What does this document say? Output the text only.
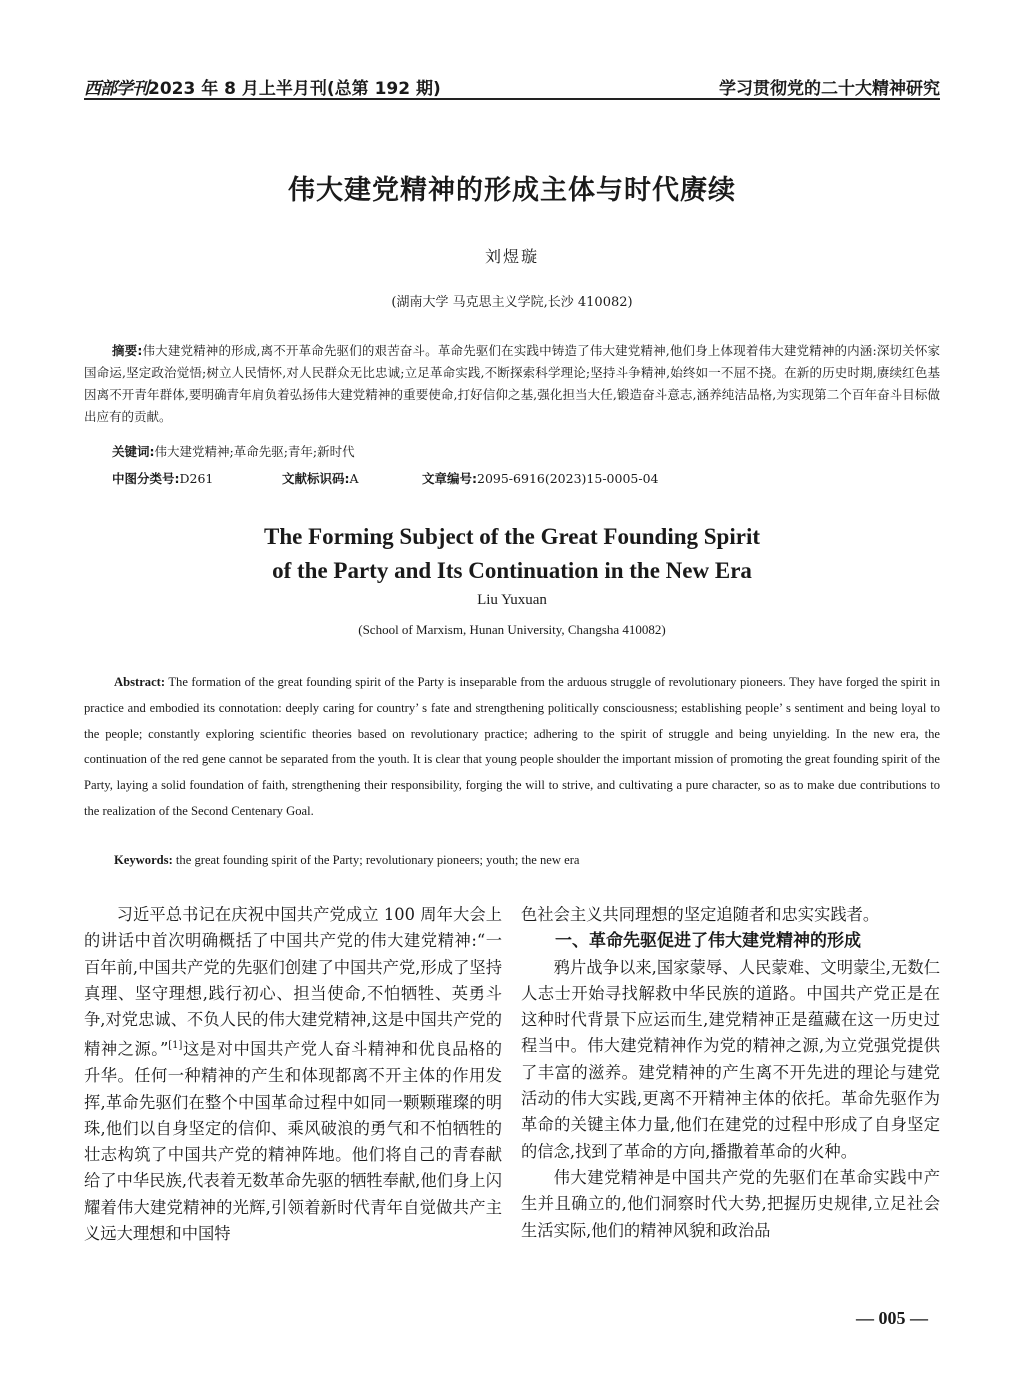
西部学刊2023 年 8 月上半月刊(总第 192 期)	学习贯彻党的二十大精神研究
伟大建党精神的形成主体与时代赓续
刘煜璇
(湖南大学 马克思主义学院,长沙 410082)
摘要:伟大建党精神的形成,离不开革命先驱们的艰苦奋斗。革命先驱们在实践中铸造了伟大建党精神,他们身上体现着伟大建党精神的内涵:深切关怀家国命运,坚定政治觉悟;树立人民情怀,对人民群众无比忠诚;立足革命实践,不断探索科学理论;坚持斗争精神,始终如一不屈不挠。在新的历史时期,赓续红色基因离不开青年群体,要明确青年肩负着弘扬伟大建党精神的重要使命,打好信仰之基,强化担当大任,锻造奋斗意志,涵养纯洁品格,为实现第二个百年奋斗目标做出应有的贡献。
关键词:伟大建党精神;革命先驱;青年;新时代
中图分类号:D261	文献标识码:A	文章编号:2095-6916(2023)15-0005-04
The Forming Subject of the Great Founding Spirit
of the Party and Its Continuation in the New Era
Liu Yuxuan
(School of Marxism, Hunan University, Changsha 410082)
Abstract: The formation of the great founding spirit of the Party is inseparable from the arduous struggle of revolutionary pioneers. They have forged the spirit in practice and embodied its connotation: deeply caring for country’ s fate and strengthening politically consciousness; establishing people’ s sentiment and being loyal to the people; constantly exploring scientific theories based on revolutionary practice; adhering to the spirit of struggle and being unyielding. In the new era, the continuation of the red gene cannot be separated from the youth. It is clear that young people shoulder the important mission of promoting the great founding spirit of the Party, laying a solid foundation of faith, strengthening their responsibility, forging the will to strive, and cultivating a pure character, so as to make due contributions to the realization of the Second Centenary Goal.
Keywords: the great founding spirit of the Party; revolutionary pioneers; youth; the new era

习近平总书记在庆祝中国共产党成立 100 周年大会上的讲话中首次明确概括了中国共产党的伟大建党精神:“一百年前,中国共产党的先驱们创建了中国共产党,形成了坚持真理、坚守理想,践行初心、担当使命,不怕牺牲、英勇斗争,对党忠诚、不负人民的伟大建党精神,这是中国共产党的精神之源。”[1]这是对中国共产党人奋斗精神和优良品格的升华。任何一种精神的产生和体现都离不开主体的作用发挥,革命先驱们在整个中国革命过程中如同一颗颗璀璨的明珠,他们以自身坚定的信仰、乘风破浪的勇气和不怕牺牲的壮志构筑了中国共产党的精神阵地。他们将自己的青春献给了中华民族,代表着无数革命先驱的牺牲奉献,他们身上闪耀着伟大建党精神的光辉,引领着新时代青年自觉做共产主义远大理想和中国特

色社会主义共同理想的坚定追随者和忠实实践者。

一、革命先驱促进了伟大建党精神的形成

鸦片战争以来,国家蒙辱、人民蒙难、文明蒙尘,无数仁人志士开始寻找解救中华民族的道路。中国共产党正是在这种时代背景下应运而生,建党精神正是蕴藏在这一历史过程当中。伟大建党精神作为党的精神之源,为立党强党提供了丰富的滋养。建党精神的产生离不开先进的理论与建党活动的伟大实践,更离不开精神主体的依托。革命先驱作为革命的关键主体力量,他们在建党的过程中形成了自身坚定的信念,找到了革命的方向,播撒着革命的火种。

伟大建党精神是中国共产党的先驱们在革命实践中产生并且确立的,他们洞察时代大势,把握历史规律,立足社会生活实际,他们的精神风貌和政治品

— 005 —
